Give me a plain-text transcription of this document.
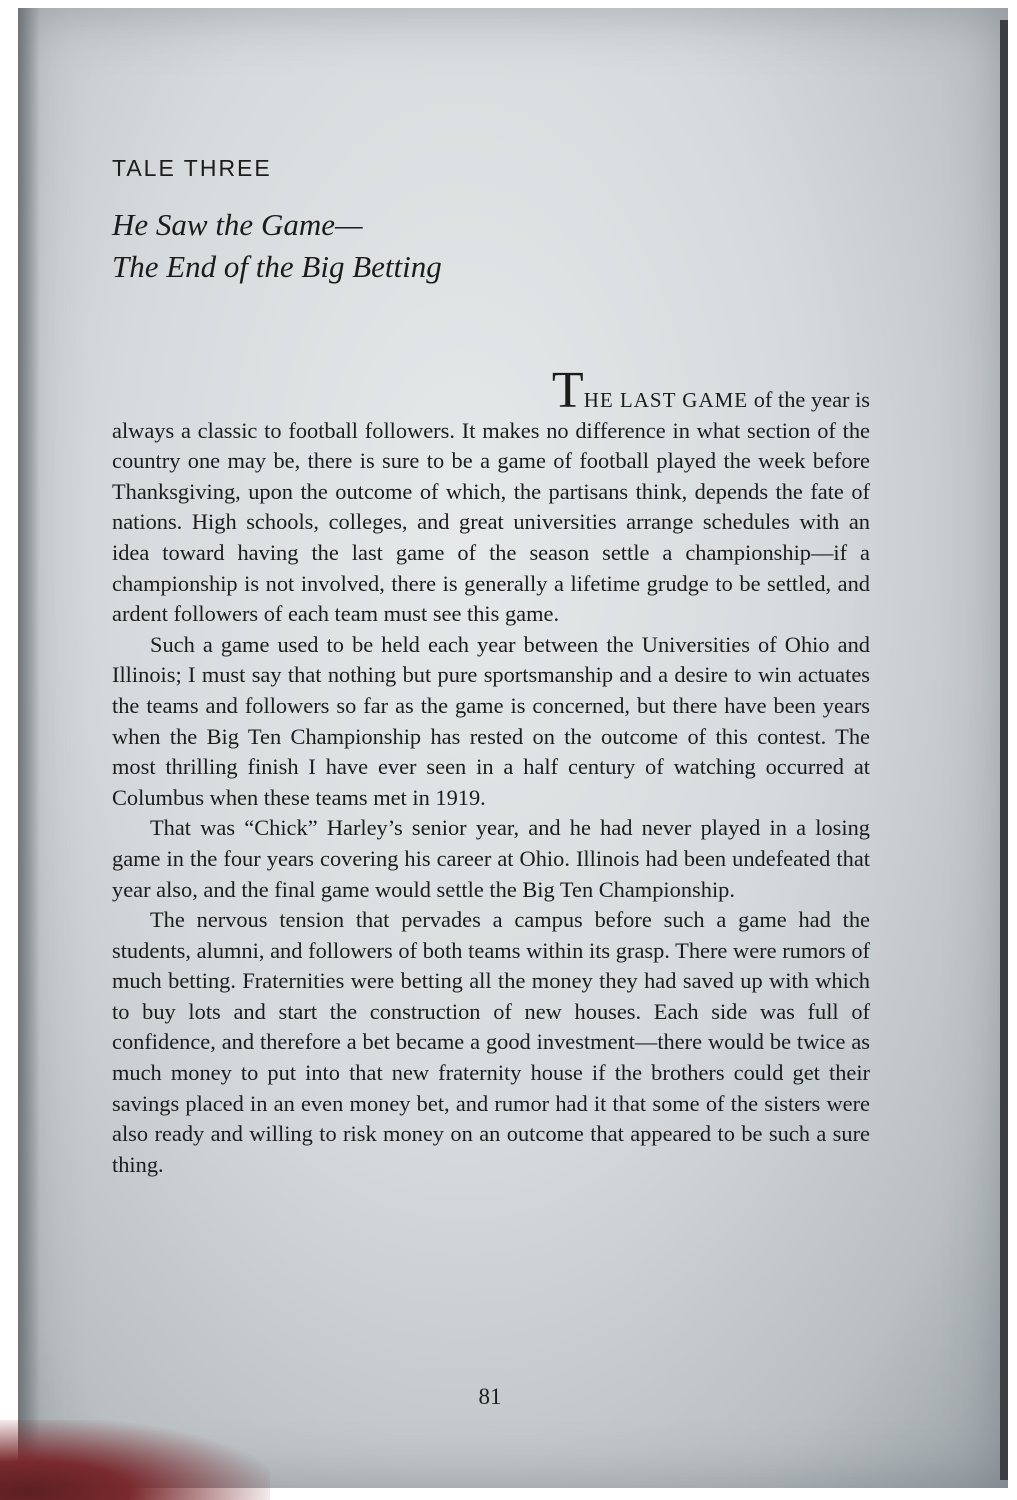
TALE THREE
He Saw the Game—
The End of the Big Betting

THE LAST GAME of the year is
always a classic to football followers. It makes no difference in what section of the country one may be, there is sure to be a game of football played the week before Thanksgiving, upon the outcome of which, the partisans think, depends the fate of nations. High schools, colleges, and great universities arrange schedules with an idea toward having the last game of the season settle a championship—if a championship is not involved, there is generally a lifetime grudge to be settled, and ardent followers of each team must see this game.

Such a game used to be held each year between the Universities of Ohio and Illinois; I must say that nothing but pure sportsmanship and a desire to win actuates the teams and followers so far as the game is concerned, but there have been years when the Big Ten Championship has rested on the outcome of this contest. The most thrilling finish I have ever seen in a half century of watching occurred at Columbus when these teams met in 1919.

That was “Chick” Harley’s senior year, and he had never played in a losing game in the four years covering his career at Ohio. Illinois had been undefeated that year also, and the final game would settle the Big Ten Championship.

The nervous tension that pervades a campus before such a game had the students, alumni, and followers of both teams within its grasp. There were rumors of much betting. Fraternities were betting all the money they had saved up with which to buy lots and start the construction of new houses. Each side was full of confidence, and therefore a bet became a good investment—there would be twice as much money to put into that new fraternity house if the brothers could get their savings placed in an even money bet, and rumor had it that some of the sisters were also ready and willing to risk money on an outcome that appeared to be such a sure thing.

81
